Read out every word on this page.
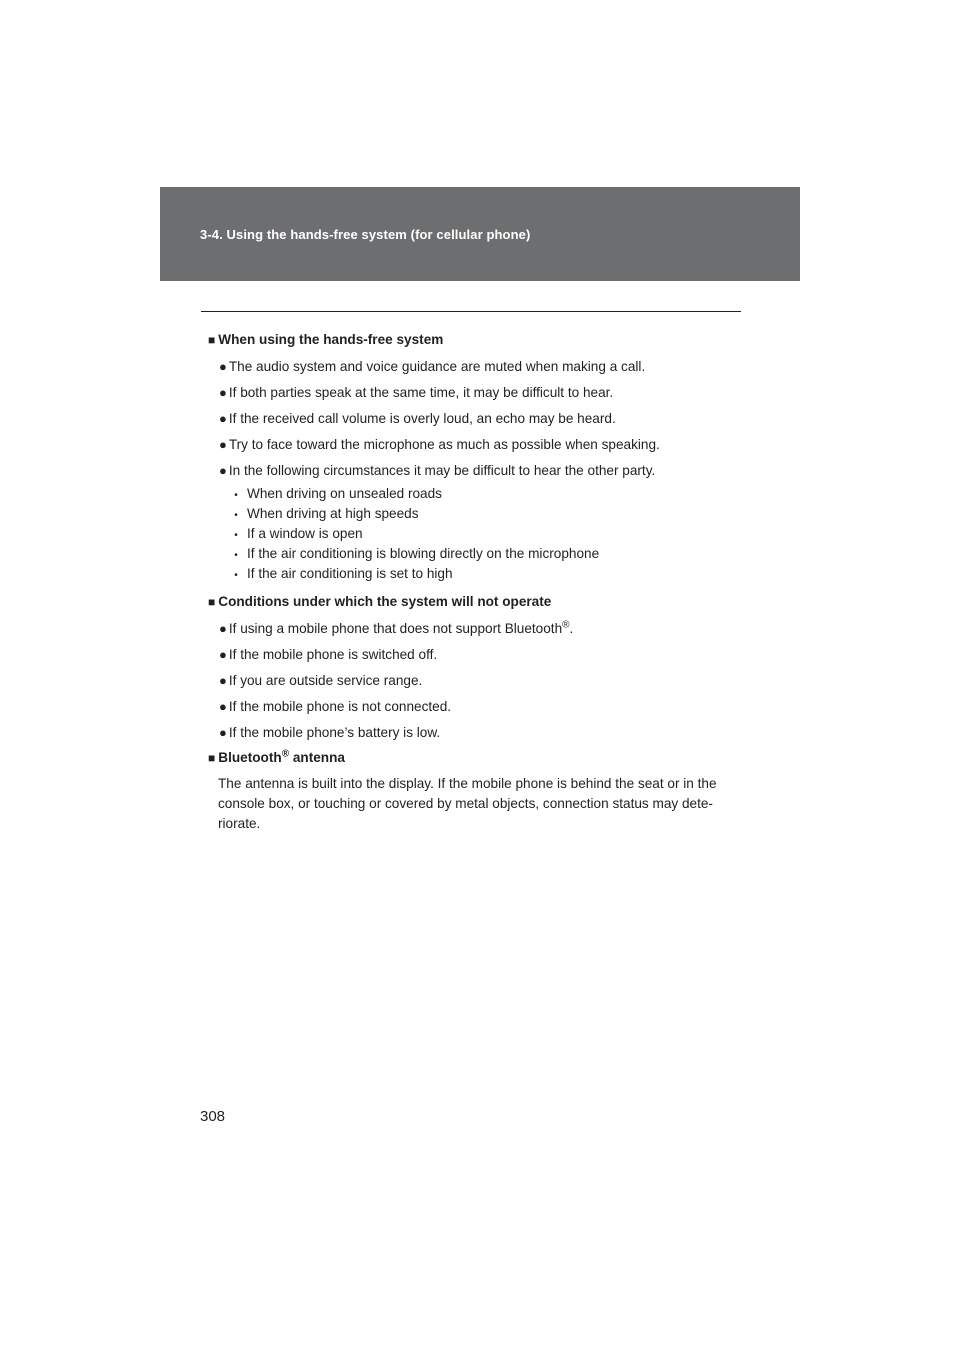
3-4. Using the hands-free system (for cellular phone)
■ When using the hands-free system
● The audio system and voice guidance are muted when making a call.
● If both parties speak at the same time, it may be difficult to hear.
● If the received call volume is overly loud, an echo may be heard.
● Try to face toward the microphone as much as possible when speaking.
● In the following circumstances it may be difficult to hear the other party.
• When driving on unsealed roads
• When driving at high speeds
• If a window is open
• If the air conditioning is blowing directly on the microphone
• If the air conditioning is set to high
■ Conditions under which the system will not operate
● If using a mobile phone that does not support Bluetooth®.
● If the mobile phone is switched off.
● If you are outside service range.
● If the mobile phone is not connected.
● If the mobile phone’s battery is low.
■ Bluetooth® antenna
The antenna is built into the display. If the mobile phone is behind the seat or in the console box, or touching or covered by metal objects, connection status may dete-riorate.
308
